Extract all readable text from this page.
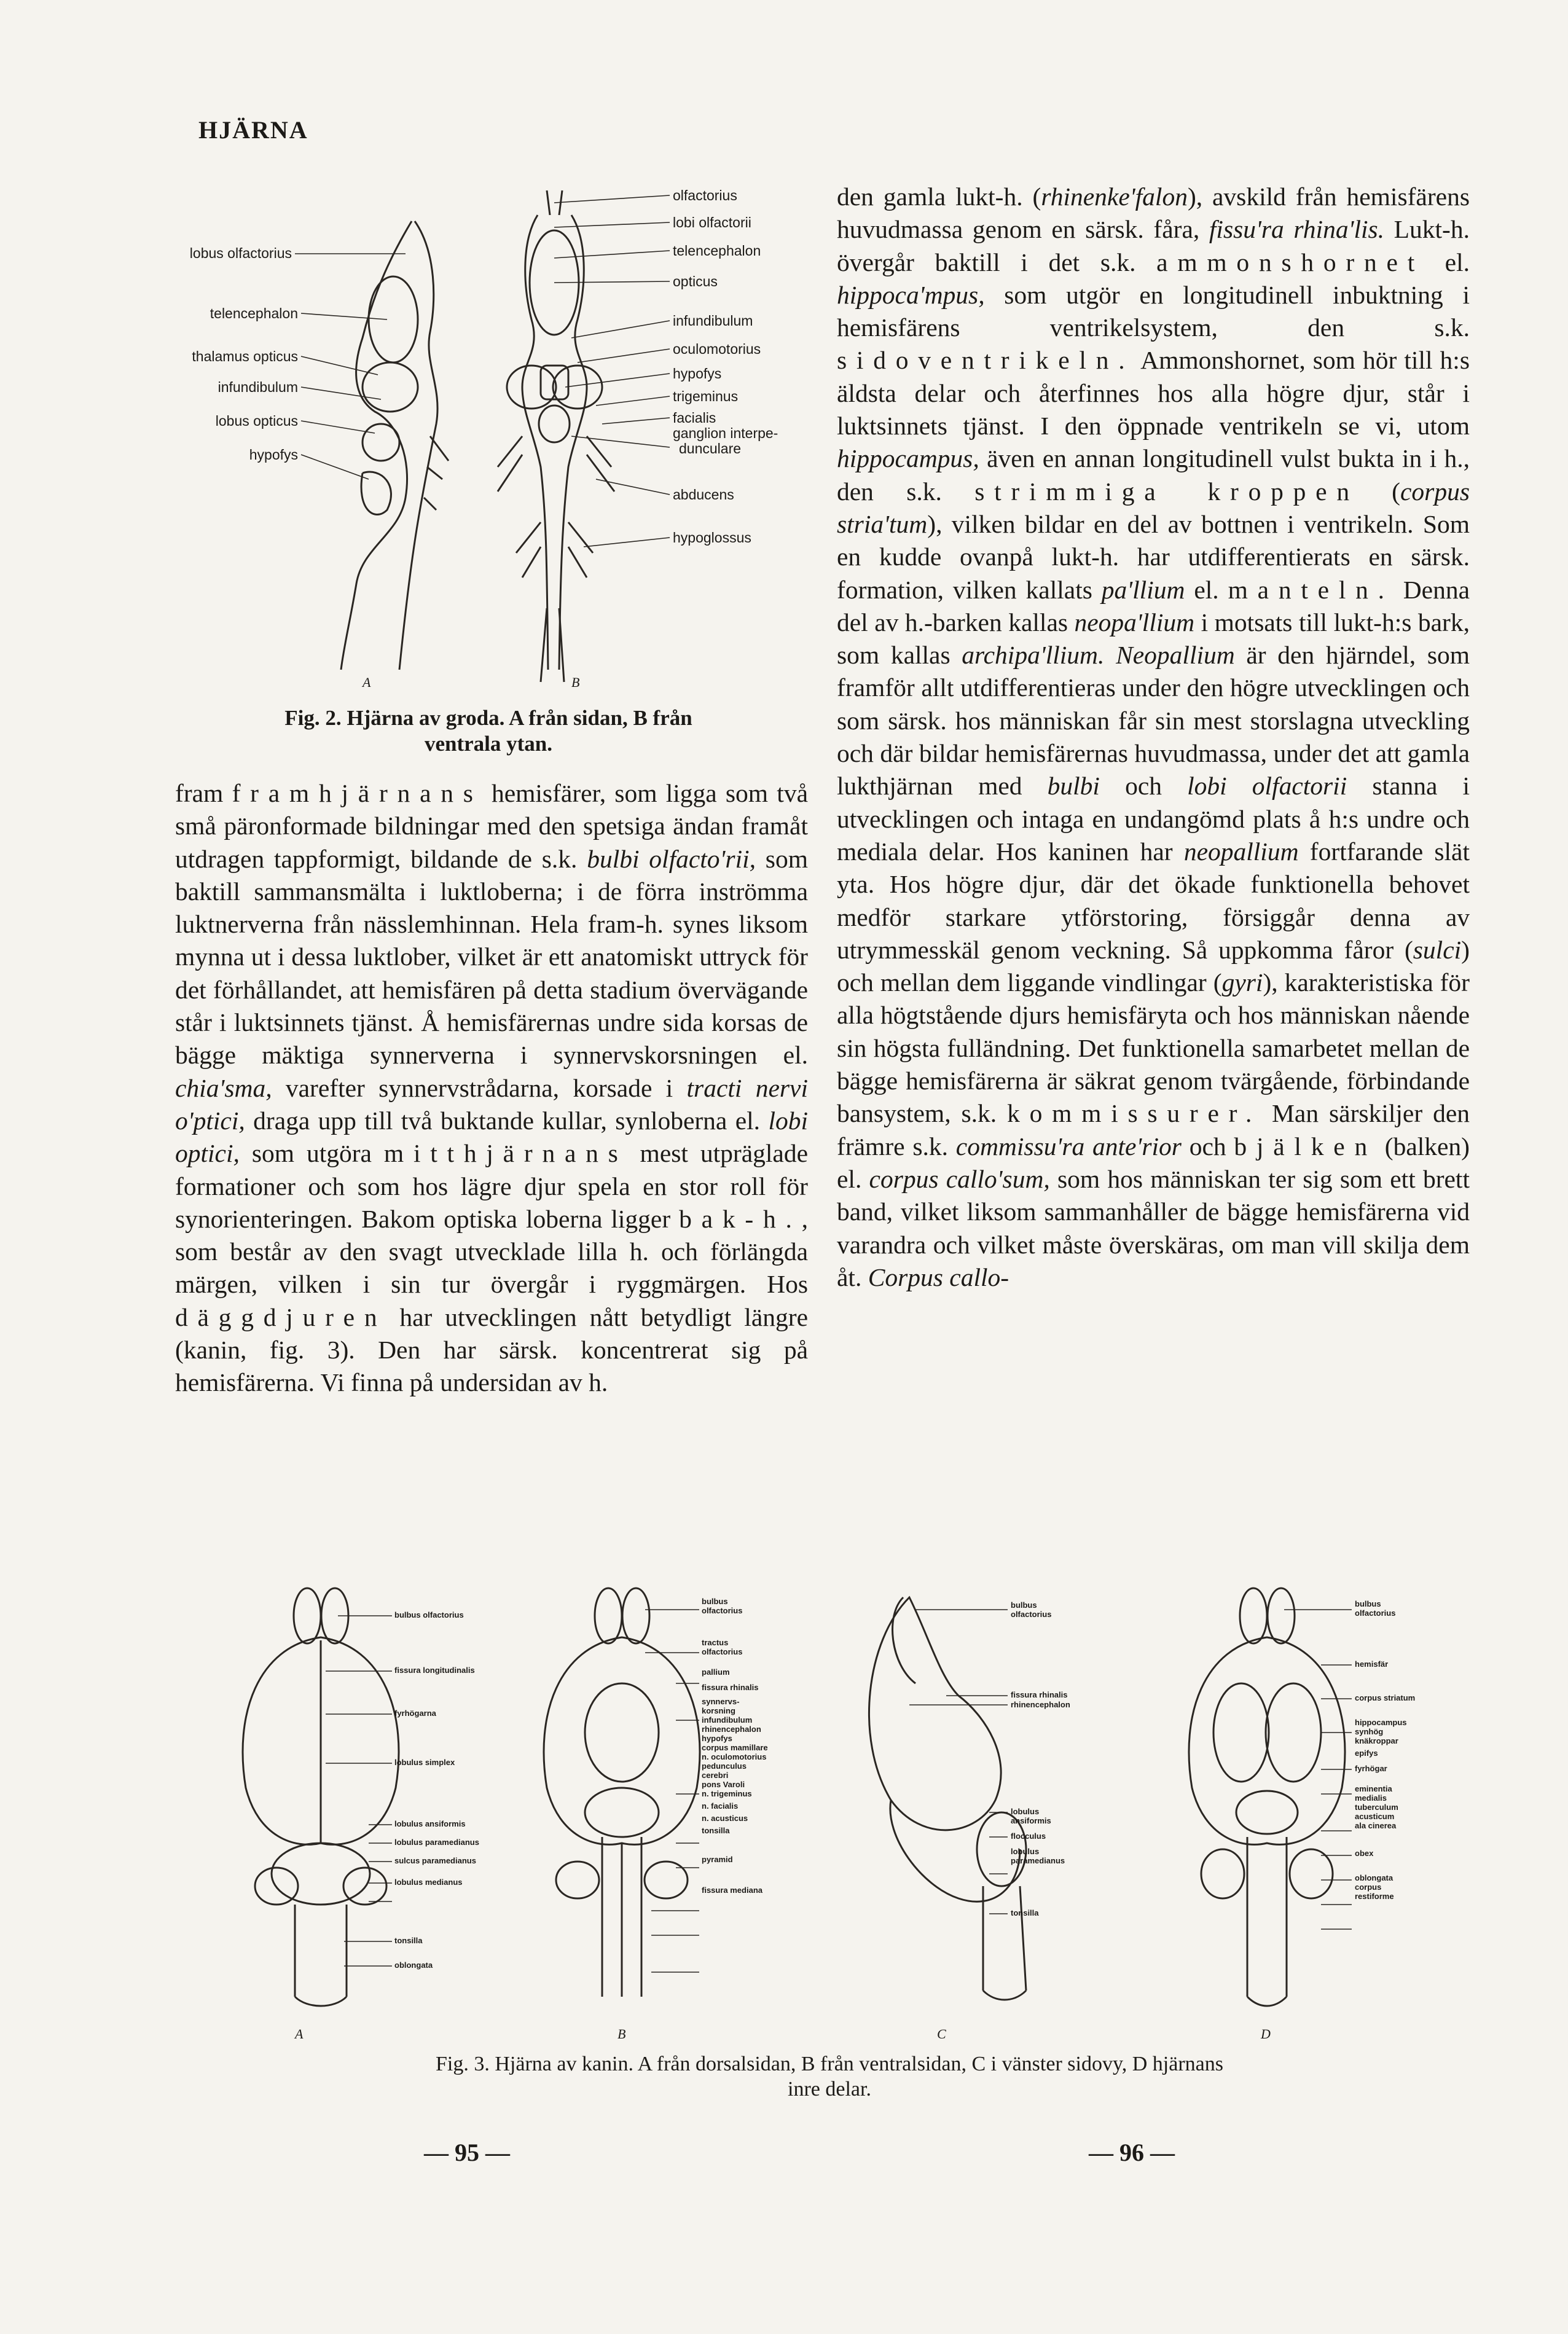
HJÄRNA
lobus olfactorius
telencephalon
thalamus opticus
infundibulum
lobus opticus
hypofys
olfactorius
lobi olfactorii
telencephalon
opticus
infundibulum
oculomotorius
hypofys
trigeminus
facialis
ganglion interpe-
dunculare
abducens
hypoglossus
A	B
Fig. 2. Hjärna av groda. A från sidan, B från
ventrala ytan.

fram framhjärnans hemisfärer, som ligga som två små päronformade bildningar med den spetsiga ändan framåt utdragen tappformigt, bildande de s.k. bulbi olfacto'rii, som baktill sammansmälta i luktloberna; i de förra inströmma luktnerverna från nässlemhinnan. Hela fram-h. synes liksom mynna ut i dessa luktlober, vilket är ett anatomiskt uttryck för det förhållandet, att hemisfären på detta stadium övervägande står i luktsinnets tjänst. Å hemisfärernas undre sida korsas de bägge mäktiga synnerverna i synnervskorsningen el. chia'sma, varefter synnervstrådarna, korsade i tracti nervi o'ptici, draga upp till två buktande kullar, synloberna el. lobi optici, som utgöra mitthjärnans mest utpräglade formationer och som hos lägre djur spela en stor roll för synorienteringen. Bakom optiska loberna ligger bak-h., som består av den svagt utvecklade lilla h. och förlängda märgen, vilken i sin tur övergår i ryggmärgen. Hos däggdjuren har utvecklingen nått betydligt längre (kanin, fig. 3). Den har särsk. koncentrerat sig på hemisfärerna. Vi finna på undersidan av h.

den gamla lukt-h. (rhinenke'falon), avskild från hemisfärens huvudmassa genom en särsk. fåra, fissu'ra rhina'lis. Lukt-h. övergår baktill i det s.k. ammonshornet el. hippoca'mpus, som utgör en longitudinell inbuktning i hemisfärens ventrikelsystem, den s.k. sidoventrikeln. Ammonshornet, som hör till h:s äldsta delar och återfinnes hos alla högre djur, står i luktsinnets tjänst. I den öppnade ventrikeln se vi, utom hippocampus, även en annan longitudinell vulst bukta in i h., den s.k. strimmiga kroppen (corpus stria'tum), vilken bildar en del av bottnen i ventrikeln. Som en kudde ovanpå lukt-h. har utdifferentierats en särsk. formation, vilken kallats pa'llium el. manteln. Denna del av h.-barken kallas neopa'llium i motsats till lukt-h:s bark, som kallas archipa'llium. Neopallium är den hjärndel, som framför allt utdifferentieras under den högre utvecklingen och som särsk. hos människan får sin mest storslagna utveckling och där bildar hemisfärernas huvudmassa, under det att gamla lukthjärnan med bulbi och lobi olfactorii stanna i utvecklingen och intaga en undangömd plats å h:s undre och mediala delar. Hos kaninen har neopallium fortfarande slät yta. Hos högre djur, där det ökade funktionella behovet medför starkare ytförstoring, försiggår denna av utrymmesskäl genom veckning. Så uppkomma fåror (sulci) och mellan dem liggande vindlingar (gyri), karakteristiska för alla högtstående djurs hemisfäryta och hos människan nående sin högsta fulländning. Det funktionella samarbetet mellan de bägge hemisfärerna är säkrat genom tvärgående, förbindande bansystem, s.k. kommissurer. Man särskiljer den främre s.k. commissu'ra ante'rior och bjälken (balken) el. corpus callo'sum, som hos människan ter sig som ett brett band, vilket liksom sammanhåller de bägge hemisfärerna vid varandra och vilket måste överskäras, om man vill skilja dem åt. Corpus callo-

bulbus olfactorius
fissura longitudinalis
fyrhögarna
lobulus simplex
lobulus ansiformis
lobulus paramedianus
sulcus paramedianus
lobulus medianus
tonsilla
oblongata
bulbus
olfactorius
tractus
olfactorius
pallium
fissura rhinalis
synnervs-
korsning
infundibulum
rhinencephalon
hypofys
corpus mamillare
n. oculomotorius
pedunculus
cerebri
pons Varoli
n. trigeminus
n. facialis
n. acusticus
tonsilla
pyramid
fissura mediana
bulbus
olfactorius
fissura rhinalis
rhinencephalon
lobulus
ansiformis
flocculus
lobulus
paramedianus
tonsilla
bulbus
olfactorius
hemisfär
corpus striatum
hippocampus
synhög
knäkroppar
epifys
fyrhögar
eminentia
medialis
tuberculum
acusticum
ala cinerea
obex
oblongata
corpus
restiforme
A	B	C	D
Fig. 3. Hjärna av kanin. A från dorsalsidan, B från ventralsidan, C i vänster sidovy, D hjärnans
inre delar.
— 95 —	— 96 —
